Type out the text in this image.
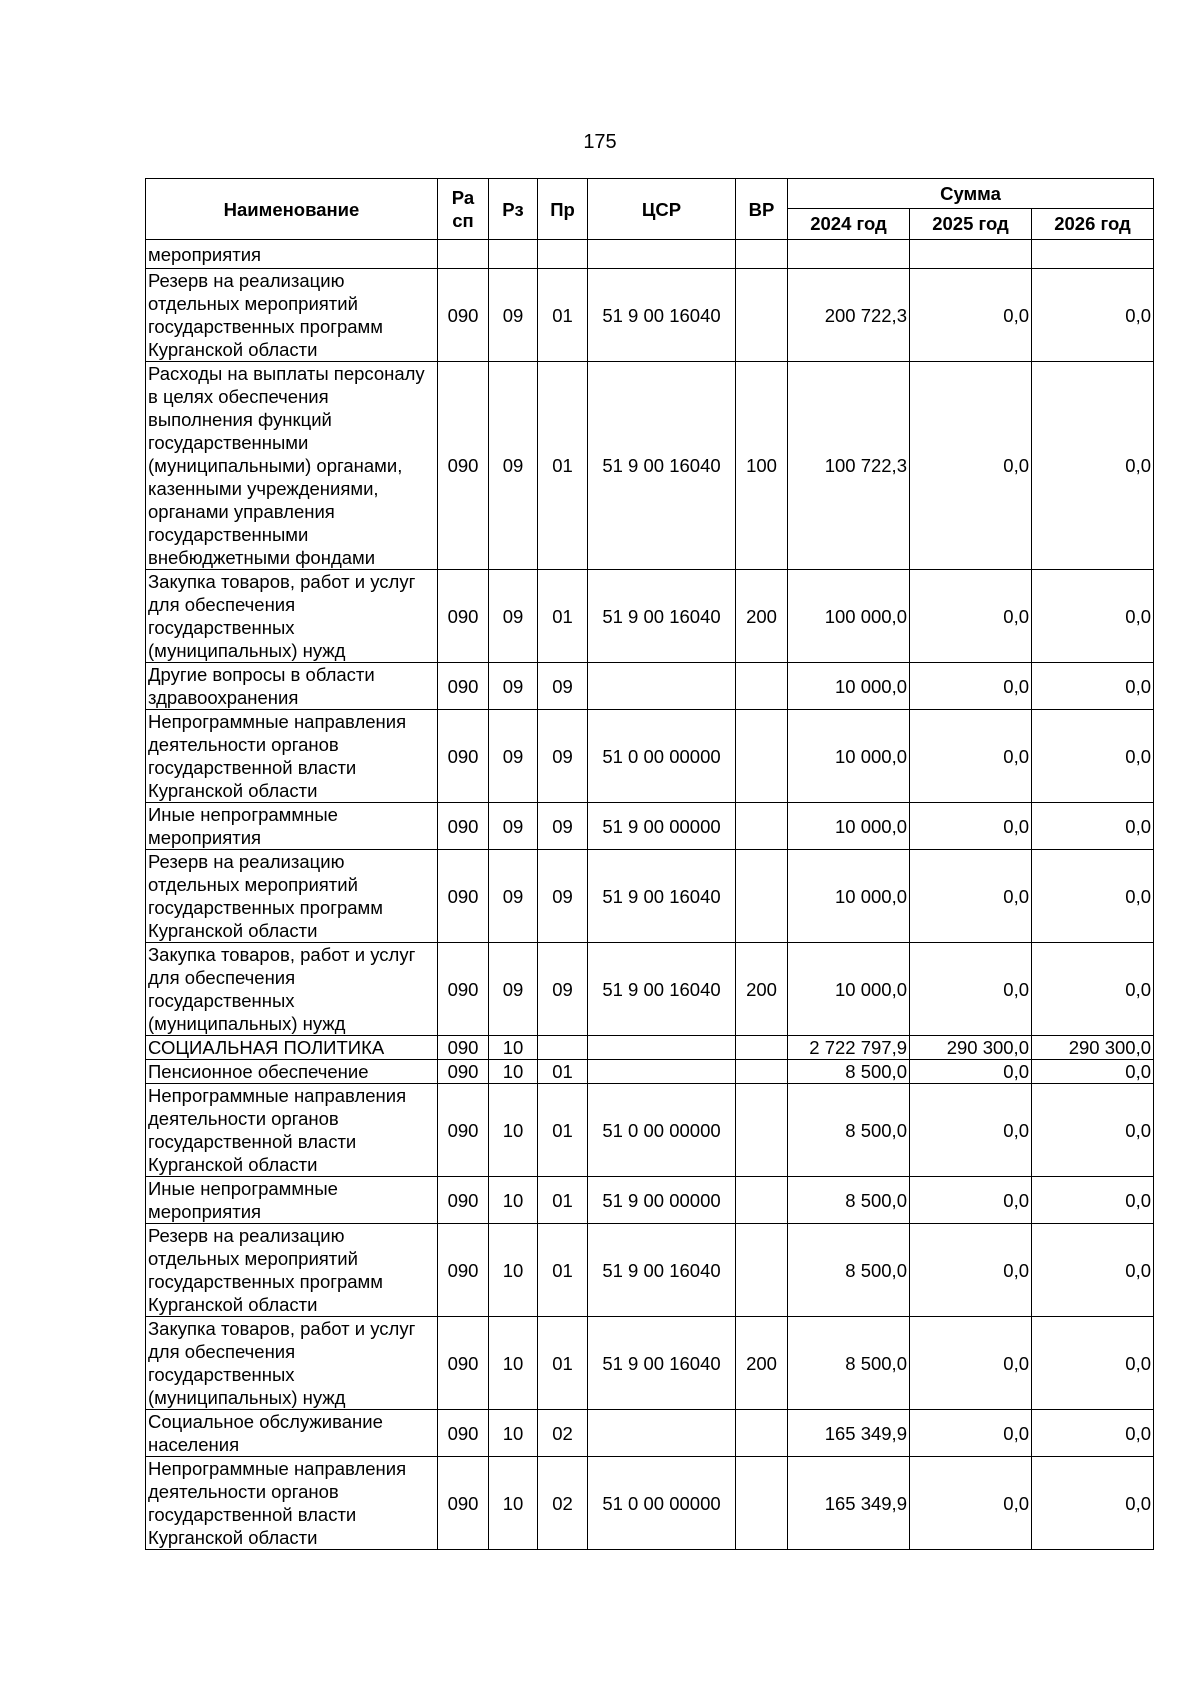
175
Наименование	Ра сп	Рз	Пр	ЦСР	ВР	Сумма		
						2024 год	2025 год	2026 год
мероприятия								
Резерв на реализацию отдельных мероприятий государственных программ Курганской области	090	09	01	51 9 00 16040		200 722,3	0,0	0,0
Расходы на выплаты персоналу в целях обеспечения выполнения функций государственными (муниципальными) органами, казенными учреждениями, органами управления государственными внебюджетными фондами	090	09	01	51 9 00 16040	100	100 722,3	0,0	0,0
Закупка товаров, работ и услуг для обеспечения государственных (муниципальных) нужд	090	09	01	51 9 00 16040	200	100 000,0	0,0	0,0
Другие вопросы в области здравоохранения	090	09	09			10 000,0	0,0	0,0
Непрограммные направления деятельности органов государственной власти Курганской области	090	09	09	51 0 00 00000		10 000,0	0,0	0,0
Иные непрограммные мероприятия	090	09	09	51 9 00 00000		10 000,0	0,0	0,0
Резерв на реализацию отдельных мероприятий государственных программ Курганской области	090	09	09	51 9 00 16040		10 000,0	0,0	0,0
Закупка товаров, работ и услуг для обеспечения государственных (муниципальных) нужд	090	09	09	51 9 00 16040	200	10 000,0	0,0	0,0
СОЦИАЛЬНАЯ ПОЛИТИКА	090	10				2 722 797,9	290 300,0	290 300,0
Пенсионное обеспечение	090	10	01			8 500,0	0,0	0,0
Непрограммные направления деятельности органов государственной власти Курганской области	090	10	01	51 0 00 00000		8 500,0	0,0	0,0
Иные непрограммные мероприятия	090	10	01	51 9 00 00000		8 500,0	0,0	0,0
Резерв на реализацию отдельных мероприятий государственных программ Курганской области	090	10	01	51 9 00 16040		8 500,0	0,0	0,0
Закупка товаров, работ и услуг для обеспечения государственных (муниципальных) нужд	090	10	01	51 9 00 16040	200	8 500,0	0,0	0,0
Социальное обслуживание населения	090	10	02			165 349,9	0,0	0,0
Непрограммные направления деятельности органов государственной власти Курганской области	090	10	02	51 0 00 00000		165 349,9	0,0	0,0
